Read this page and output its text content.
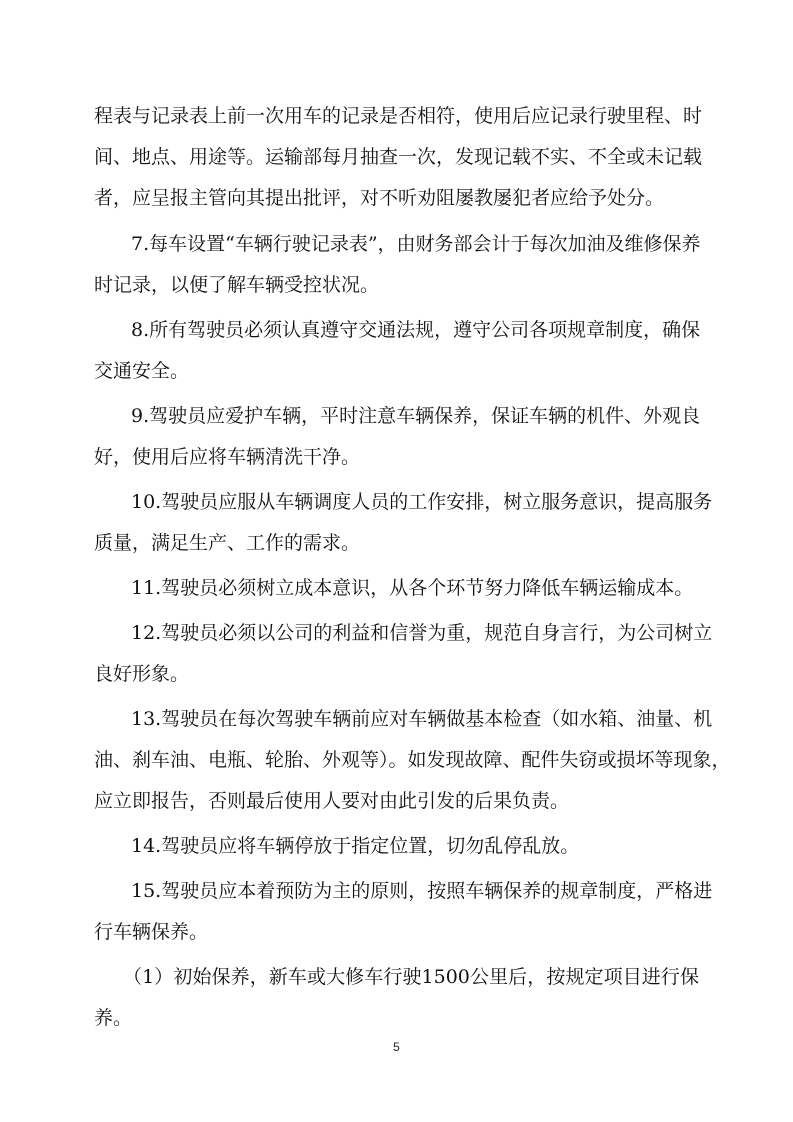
程表与记录表上前一次用车的记录是否相符，使用后应记录行驶里程、时
间、地点、用途等。运输部每月抽查一次，发现记载不实、不全或未记载
者，应呈报主管向其提出批评，对不听劝阻屡教屡犯者应给予处分。
7.每车设置“车辆行驶记录表”，由财务部会计于每次加油及维修保养
时记录，以便了解车辆受控状况。
8.所有驾驶员必须认真遵守交通法规，遵守公司各项规章制度，确保
交通安全。
9.驾驶员应爱护车辆，平时注意车辆保养，保证车辆的机件、外观良
好，使用后应将车辆清洗干净。
10.驾驶员应服从车辆调度人员的工作安排，树立服务意识，提高服务
质量，满足生产、工作的需求。
11.驾驶员必须树立成本意识，从各个环节努力降低车辆运输成本。
12.驾驶员必须以公司的利益和信誉为重，规范自身言行，为公司树立
良好形象。
13.驾驶员在每次驾驶车辆前应对车辆做基本检查（如水箱、油量、机
油、刹车油、电瓶、轮胎、外观等）。如发现故障、配件失窃或损坏等现象，
应立即报告，否则最后使用人要对由此引发的后果负责。
14.驾驶员应将车辆停放于指定位置，切勿乱停乱放。
15.驾驶员应本着预防为主的原则，按照车辆保养的规章制度，严格进
行车辆保养。
（1）初始保养，新车或大修车行驶1500公里后，按规定项目进行保
养。
5
